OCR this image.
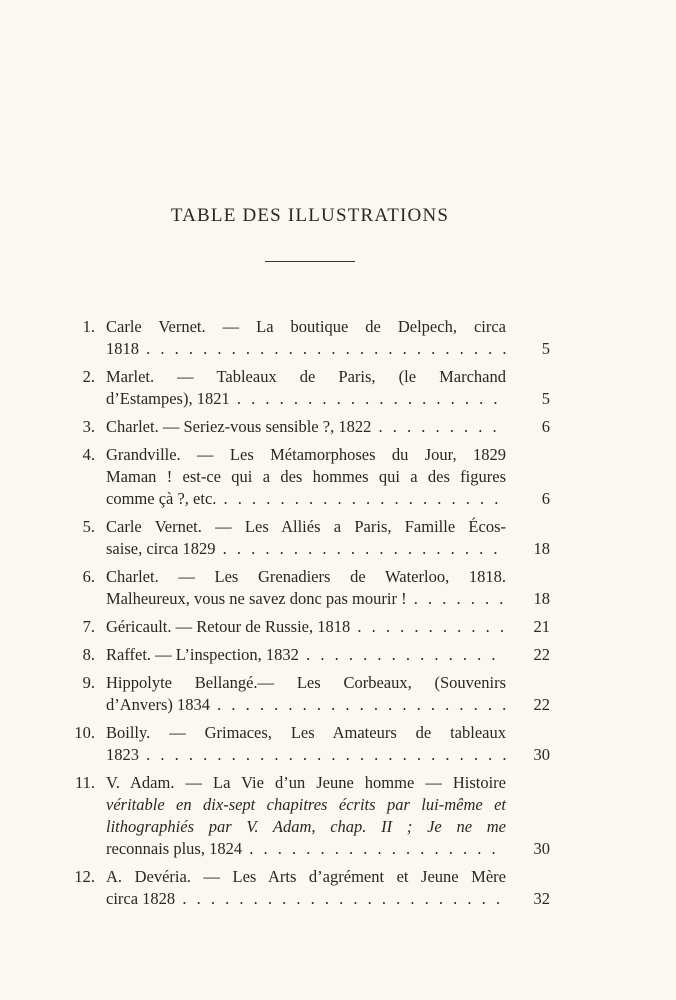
TABLE DES ILLUSTRATIONS
1. Carle Vernet. — La boutique de Delpech, circa
1818 . . .	5
2. Marlet. — Tableaux de Paris, (le Marchand
d’Estampes), 1821 . . .	5
3. Charlet. — Seriez-vous sensible ?, 1822 . . .	6
4. Grandville. — Les Métamorphoses du Jour, 1829
Maman ! est-ce qui a des hommes qui a des figures
comme çà ?, etc. . . .	6
5. Carle Vernet. — Les Alliés a Paris, Famille Écos-
saise, circa 1829 . . .	18
6. Charlet. — Les Grenadiers de Waterloo, 1818.
Malheureux, vous ne savez donc pas mourir ! . . .	18
7. Géricault. — Retour de Russie, 1818 . . .	21
8. Raffet. — L’inspection, 1832 . . .	22
9. Hippolyte Bellangé.— Les Corbeaux, (Souvenirs
d’Anvers) 1834 . . .	22
10. Boilly. — Grimaces, Les Amateurs de tableaux
1823 . . .	30
11. V. Adam. — La Vie d’un Jeune homme — Histoire
véritable en dix-sept chapitres écrits par lui-même et
lithographiés par V. Adam, chap. II ; Je ne me
reconnais plus, 1824 . . .	30
12. A. Devéria. — Les Arts d’agrément et Jeune Mère
circa 1828 . . .	32
